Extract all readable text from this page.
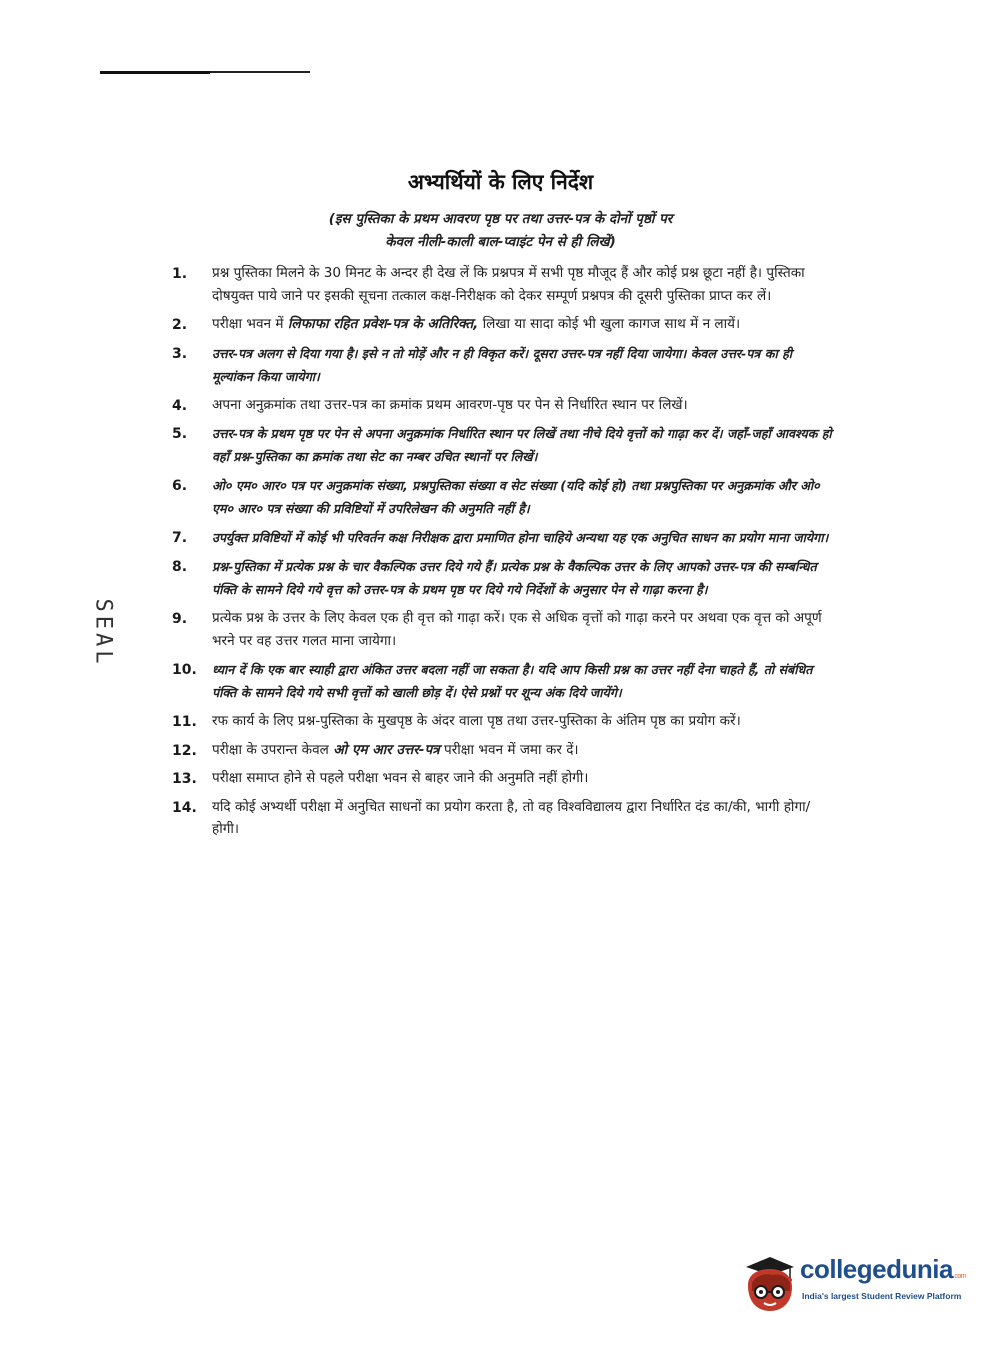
अभ्यर्थियों के लिए निर्देश
(इस पुस्तिका के प्रथम आवरण पृष्ठ पर तथा उत्तर-पत्र के दोनों पृष्ठों पर
केवल नीली-काली बाल-प्वाइंट पेन से ही लिखें)
SEAL
1. प्रश्न पुस्तिका मिलने के 30 मिनट के अन्दर ही देख लें कि प्रश्नपत्र में सभी पृष्ठ मौजूद हैं और कोई प्रश्न छूटा नहीं है। पुस्तिका दोषयुक्त पाये जाने पर इसकी सूचना तत्काल कक्ष-निरीक्षक को देकर सम्पूर्ण प्रश्नपत्र की दूसरी पुस्तिका प्राप्त कर लें।
2. परीक्षा भवन में लिफाफा रहित प्रवेश-पत्र के अतिरिक्त, लिखा या सादा कोई भी खुला कागज साथ में न लायें।
3. उत्तर-पत्र अलग से दिया गया है। इसे न तो मोड़ें और न ही विकृत करें। दूसरा उत्तर-पत्र नहीं दिया जायेगा। केवल उत्तर-पत्र का ही मूल्यांकन किया जायेगा।
4. अपना अनुक्रमांक तथा उत्तर-पत्र का क्रमांक प्रथम आवरण-पृष्ठ पर पेन से निर्धारित स्थान पर लिखें।
5. उत्तर-पत्र के प्रथम पृष्ठ पर पेन से अपना अनुक्रमांक निर्धारित स्थान पर लिखें तथा नीचे दिये वृत्तों को गाढ़ा कर दें। जहाँ-जहाँ आवश्यक हो वहाँ प्रश्न-पुस्तिका का क्रमांक तथा सेट का नम्बर उचित स्थानों पर लिखें।
6. ओ० एम० आर० पत्र पर अनुक्रमांक संख्या, प्रश्नपुस्तिका संख्या व सेट संख्या (यदि कोई हो) तथा प्रश्नपुस्तिका पर अनुक्रमांक और ओ० एम० आर० पत्र संख्या की प्रविष्टियों में उपरिलेखन की अनुमति नहीं है।
7. उपर्युक्त प्रविष्टियों में कोई भी परिवर्तन कक्ष निरीक्षक द्वारा प्रमाणित होना चाहिये अन्यथा यह एक अनुचित साधन का प्रयोग माना जायेगा।
8. प्रश्न-पुस्तिका में प्रत्येक प्रश्न के चार वैकल्पिक उत्तर दिये गये हैं। प्रत्येक प्रश्न के वैकल्पिक उत्तर के लिए आपको उत्तर-पत्र की सम्बन्धित पंक्ति के सामने दिये गये वृत्त को उत्तर-पत्र के प्रथम पृष्ठ पर दिये गये निर्देशों के अनुसार पेन से गाढ़ा करना है।
9. प्रत्येक प्रश्न के उत्तर के लिए केवल एक ही वृत्त को गाढ़ा करें। एक से अधिक वृत्तों को गाढ़ा करने पर अथवा एक वृत्त को अपूर्ण भरने पर वह उत्तर गलत माना जायेगा।
10. ध्यान दें कि एक बार स्याही द्वारा अंकित उत्तर बदला नहीं जा सकता है। यदि आप किसी प्रश्न का उत्तर नहीं देना चाहते हैं, तो संबंधित पंक्ति के सामने दिये गये सभी वृत्तों को खाली छोड़ दें। ऐसे प्रश्नों पर शून्य अंक दिये जायेंगे।
11. रफ कार्य के लिए प्रश्न-पुस्तिका के मुखपृष्ठ के अंदर वाला पृष्ठ तथा उत्तर-पुस्तिका के अंतिम पृष्ठ का प्रयोग करें।
12. परीक्षा के उपरान्त केवल ओ एम आर उत्तर-पत्र परीक्षा भवन में जमा कर दें।
13. परीक्षा समाप्त होने से पहले परीक्षा भवन से बाहर जाने की अनुमति नहीं होगी।
14. यदि कोई अभ्यर्थी परीक्षा में अनुचित साधनों का प्रयोग करता है, तो वह विश्वविद्यालय द्वारा निर्धारित दंड का/की, भागी होगा/होगी।
collegedunia.com
India's largest Student Review Platform
